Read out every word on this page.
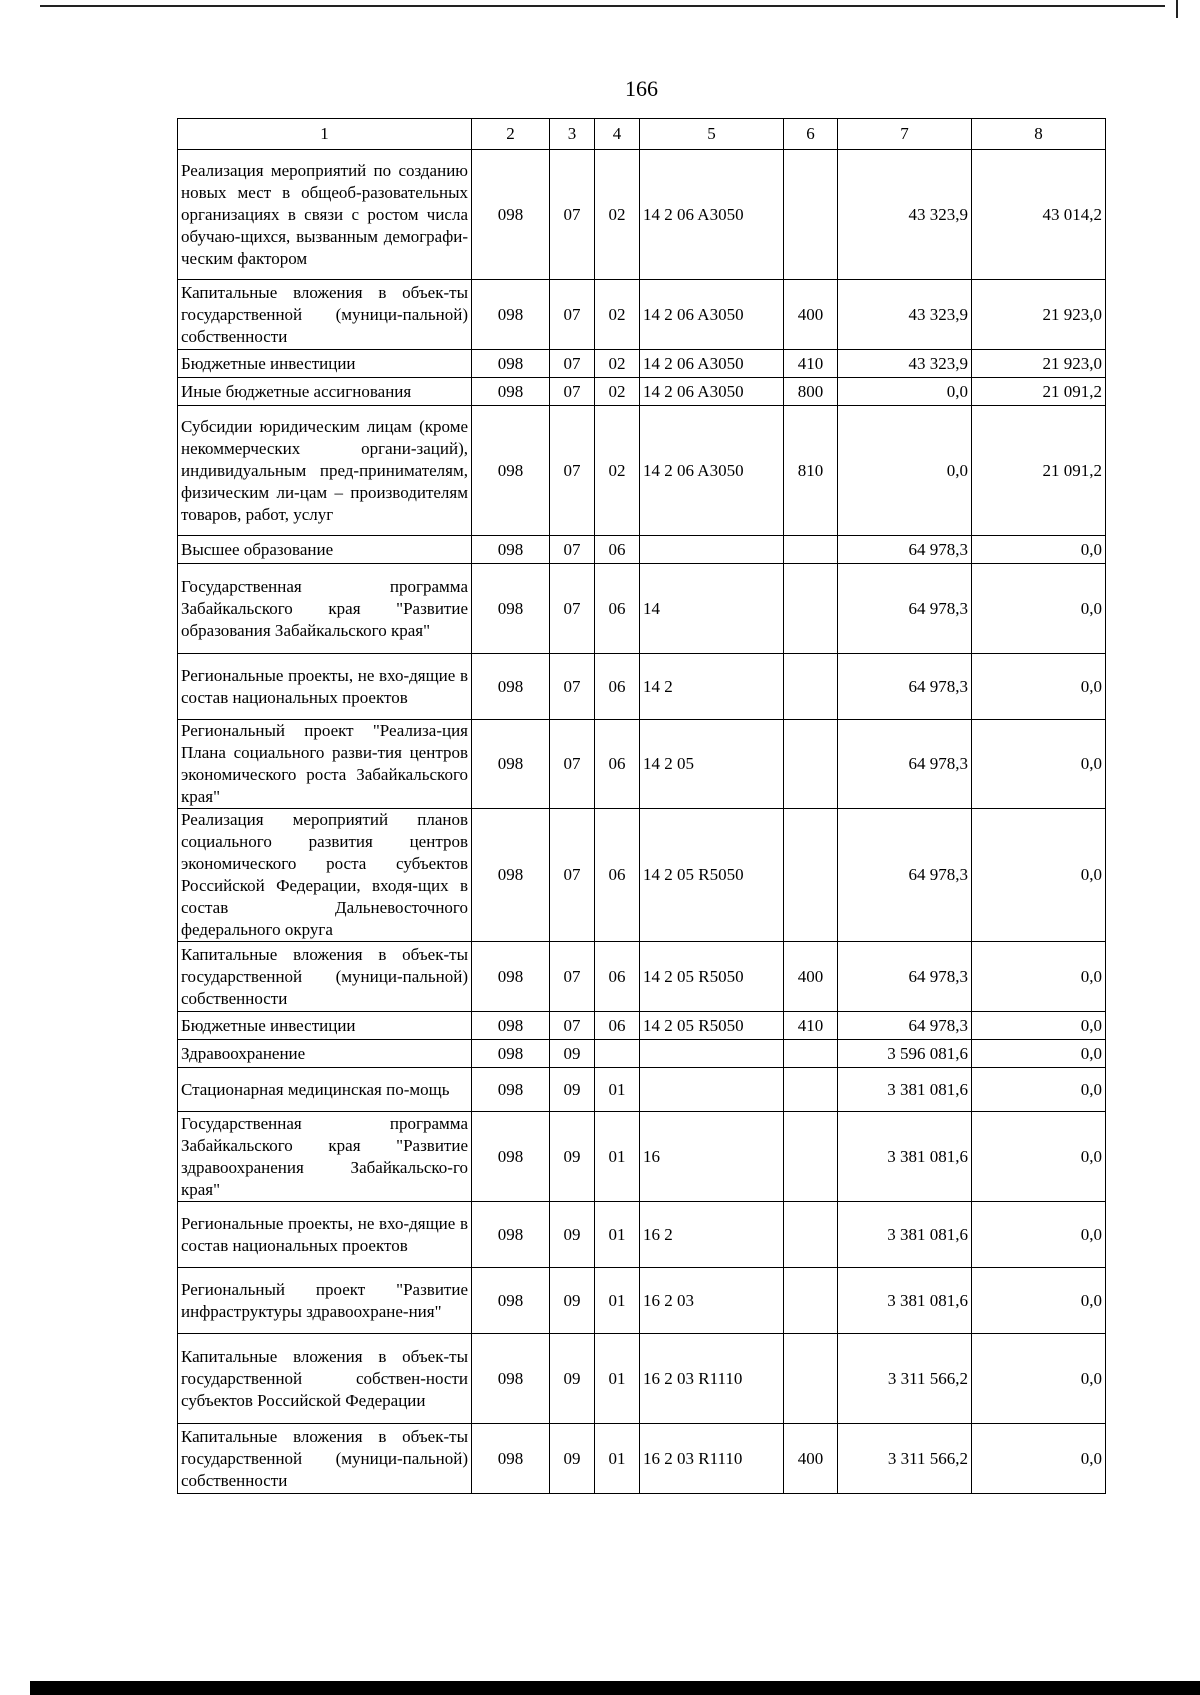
166
1	2	3	4	5	6	7	8
Реализация мероприятий по созданию новых мест в общеоб-разовательных организациях в связи с ростом числа обучаю-щихся, вызванным демографи-ческим фактором	098	07	02	14 2 06 A3050		43 323,9	43 014,2
Капитальные вложения в объек-ты государственной (муници-пальной) собственности	098	07	02	14 2 06 A3050	400	43 323,9	21 923,0
Бюджетные инвестиции	098	07	02	14 2 06 A3050	410	43 323,9	21 923,0
Иные бюджетные ассигнования	098	07	02	14 2 06 A3050	800	0,0	21 091,2
Субсидии юридическим лицам (кроме некоммерческих органи-заций), индивидуальным пред-принимателям, физическим ли-цам – производителям товаров, работ, услуг	098	07	02	14 2 06 A3050	810	0,0	21 091,2
Высшее образование	098	07	06			64 978,3	0,0
Государственная программа Забайкальского края "Развитие образования Забайкальского края"	098	07	06	14		64 978,3	0,0
Региональные проекты, не вхо-дящие в состав национальных проектов	098	07	06	14 2		64 978,3	0,0
Региональный проект "Реализа-ция Плана социального разви-тия центров экономического роста Забайкальского края"	098	07	06	14 2 05		64 978,3	0,0
Реализация мероприятий планов социального развития центров экономического роста субъектов Российской Федерации, входя-щих в состав Дальневосточного федерального округа	098	07	06	14 2 05 R5050		64 978,3	0,0
Капитальные вложения в объек-ты государственной (муници-пальной) собственности	098	07	06	14 2 05 R5050	400	64 978,3	0,0
Бюджетные инвестиции	098	07	06	14 2 05 R5050	410	64 978,3	0,0
Здравоохранение	098	09				3 596 081,6	0,0
Стационарная медицинская по-мощь	098	09	01			3 381 081,6	0,0
Государственная программа Забайкальского края "Развитие здравоохранения Забайкальско-го края"	098	09	01	16		3 381 081,6	0,0
Региональные проекты, не вхо-дящие в состав национальных проектов	098	09	01	16 2		3 381 081,6	0,0
Региональный проект "Развитие инфраструктуры здравоохране-ния"	098	09	01	16 2 03		3 381 081,6	0,0
Капитальные вложения в объек-ты государственной собствен-ности субъектов Российской Федерации	098	09	01	16 2 03 R1110		3 311 566,2	0,0
Капитальные вложения в объек-ты государственной (муници-пальной) собственности	098	09	01	16 2 03 R1110	400	3 311 566,2	0,0
